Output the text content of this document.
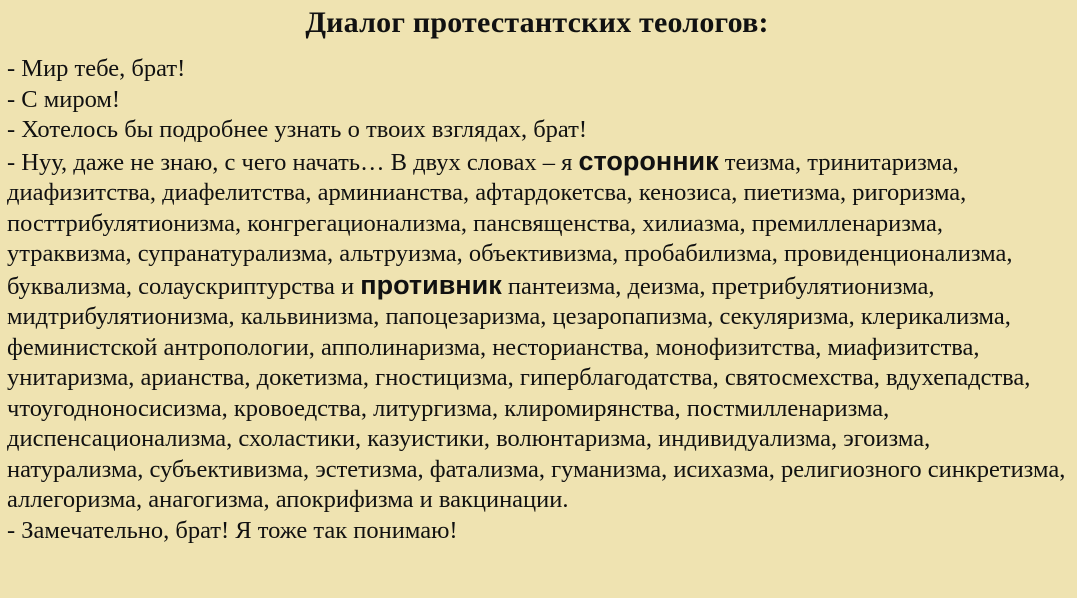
Диалог протестантских теологов:

- Мир тебе, брат!

- С миром!

- Хотелось бы подробнее узнать о твоих взглядах, брат!

- Нуу, даже не знаю, с чего начать… В двух словах – я сторонник теизма, тринитаризма, диафизитства, диафелитства, арминианства, афтардокетсва, кенозиса, пиетизма, ригоризма, посттрибулятионизма, конгрегационализма, пансвященства, хилиазма, премилленаризма, утраквизма, супранатурализма, альтруизма, объективизма, пробабилизма, провиденционализма, буквализма, солаускриптурства и противник пантеизма, деизма, претрибулятионизма, мидтрибулятионизма, кальвинизма, папоцезаризма, цезаропапизма, секуляризма, клерикализма, феминистской антропологии, апполинаризма, несторианства, монофизитства, миафизитства, унитаризма, арианства, докетизма, гностицизма, гиперблагодатства, святосмехства, вдухепадства, чтоугодноносисизма, кровоедства, литургизма, клиромирянства, постмилленаризма, диспенсационализма, схоластики, казуистики, волюнтаризма, индивидуализма, эгоизма, натурализма, субъективизма, эстетизма, фатализма, гуманизма, исихазма, религиозного синкретизма, аллегоризма, анагогизма, апокрифизма и вакцинации.

- Замечательно, брат! Я тоже так понимаю!
